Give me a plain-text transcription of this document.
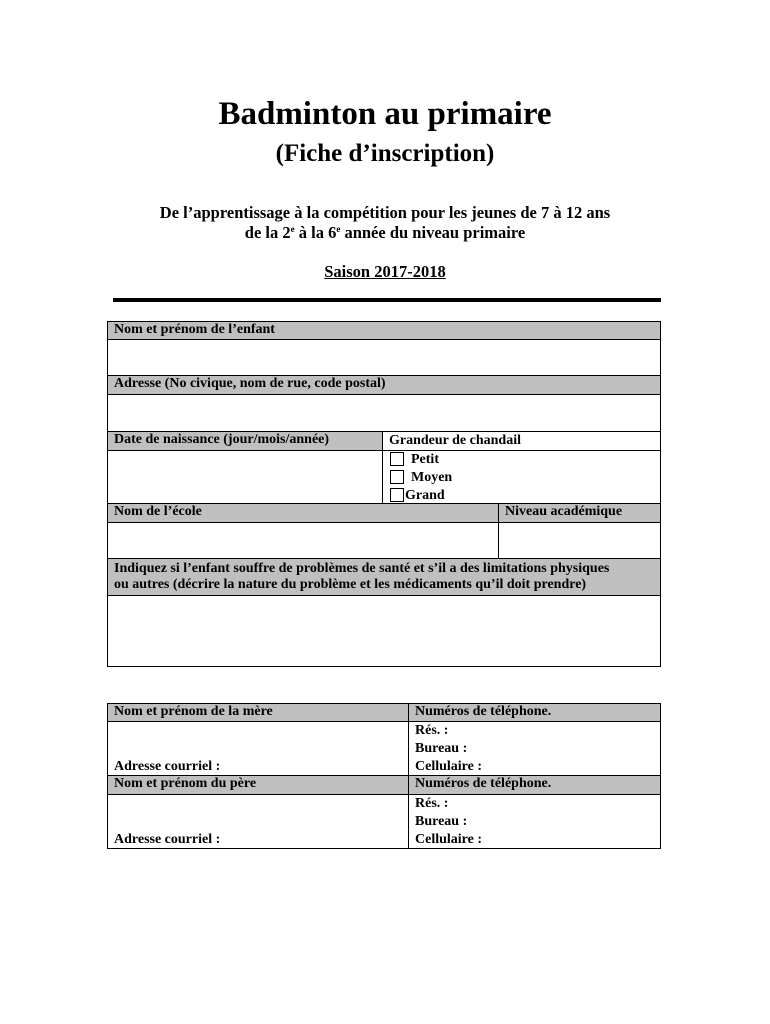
Badminton au primaire
(Fiche d’inscription)
De l’apprentissage à la compétition pour les jeunes de 7 à 12 ans
de la 2e à la 6e année du niveau primaire
Saison 2017-2018
Nom et prénom de l’enfant
Adresse (No civique, nom de rue, code postal)
Date de naissance (jour/mois/année)	Grandeur de chandail
Petit
Moyen
Grand
Nom de l’école	Niveau académique
Indiquez si l’enfant souffre de problèmes de santé et s’il a des limitations physiques
ou autres (décrire la nature du problème et les médicaments qu’il doit prendre)
Nom et prénom de la mère	Numéros de téléphone.
Adresse courriel :
Rés. :
Bureau :
Cellulaire :
Nom et prénom du père	Numéros de téléphone.
Adresse courriel :
Rés. :
Bureau :
Cellulaire :
